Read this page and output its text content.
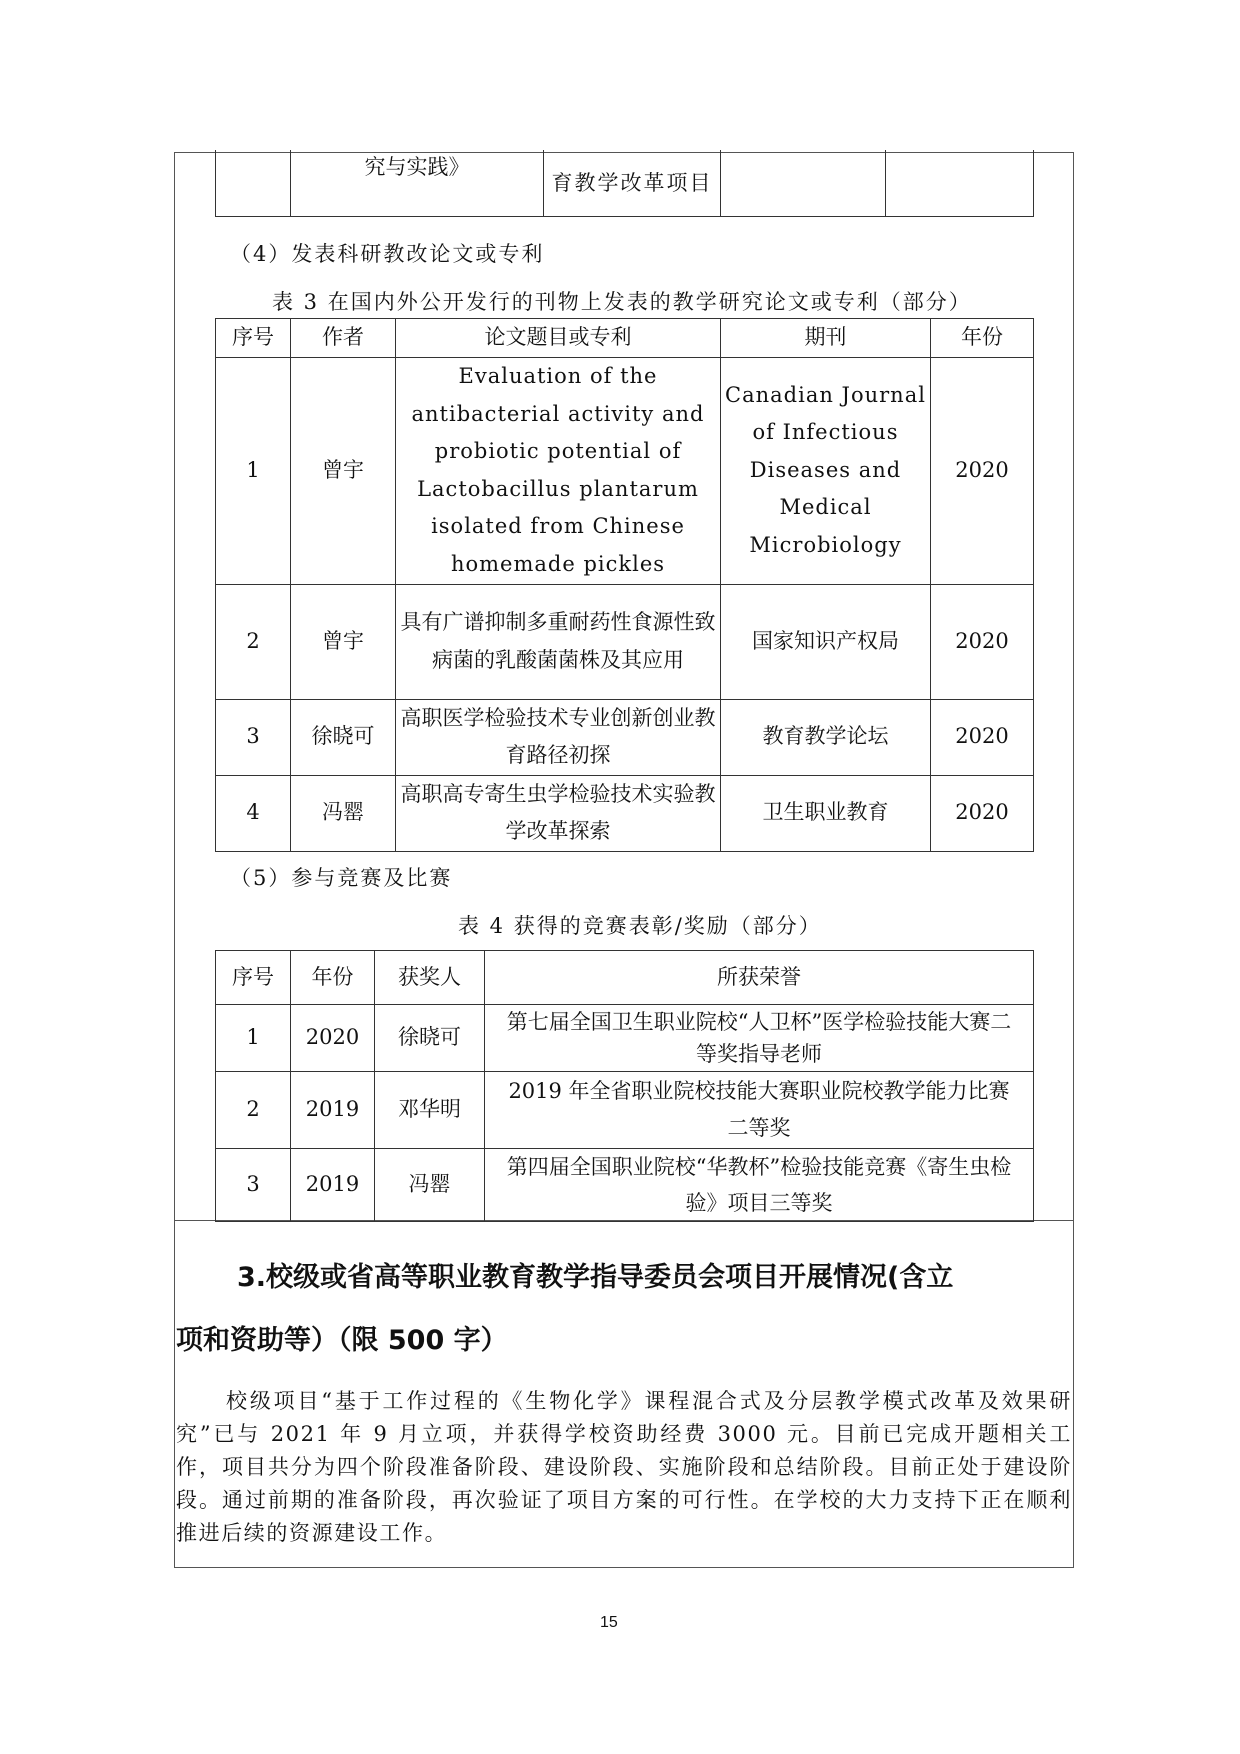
	究与实践》	育教学改革项目		
（4）发表科研教改论文或专利
表 3 在国内外公开发行的刊物上发表的教学研究论文或专利（部分）
序号	作者	论文题目或专利	期刊	年份
1	曾宇	Evaluation of the antibacterial activity and probiotic potential of Lactobacillus plantarum isolated from Chinese homemade pickles	Canadian Journal of Infectious Diseases and Medical Microbiology	2020
2	曾宇	具有广谱抑制多重耐药性食源性致病菌的乳酸菌菌株及其应用	国家知识产权局	2020
3	徐晓可	高职医学检验技术专业创新创业教育路径初探	教育教学论坛	2020
4	冯罂	高职高专寄生虫学检验技术实验教学改革探索	卫生职业教育	2020
（5）参与竞赛及比赛
表 4 获得的竞赛表彰/奖励（部分）
序号	年份	获奖人	所获荣誉
1	2020	徐晓可	第七届全国卫生职业院校“人卫杯”医学检验技能大赛二等奖指导老师
2	2019	邓华明	2019 年全省职业院校技能大赛职业院校教学能力比赛二等奖
3	2019	冯罂	第四届全国职业院校“华教杯”检验技能竞赛《寄生虫检验》项目三等奖
3.校级或省高等职业教育教学指导委员会项目开展情况(含立
项和资助等）（限 500 字）
校级项目“基于工作过程的《生物化学》课程混合式及分层教学模式改革及效果研究”已与 2021 年 9 月立项，并获得学校资助经费 3000 元。目前已完成开题相关工作，项目共分为四个阶段准备阶段、建设阶段、实施阶段和总结阶段。目前正处于建设阶段。通过前期的准备阶段，再次验证了项目方案的可行性。在学校的大力支持下正在顺利推进后续的资源建设工作。
15
